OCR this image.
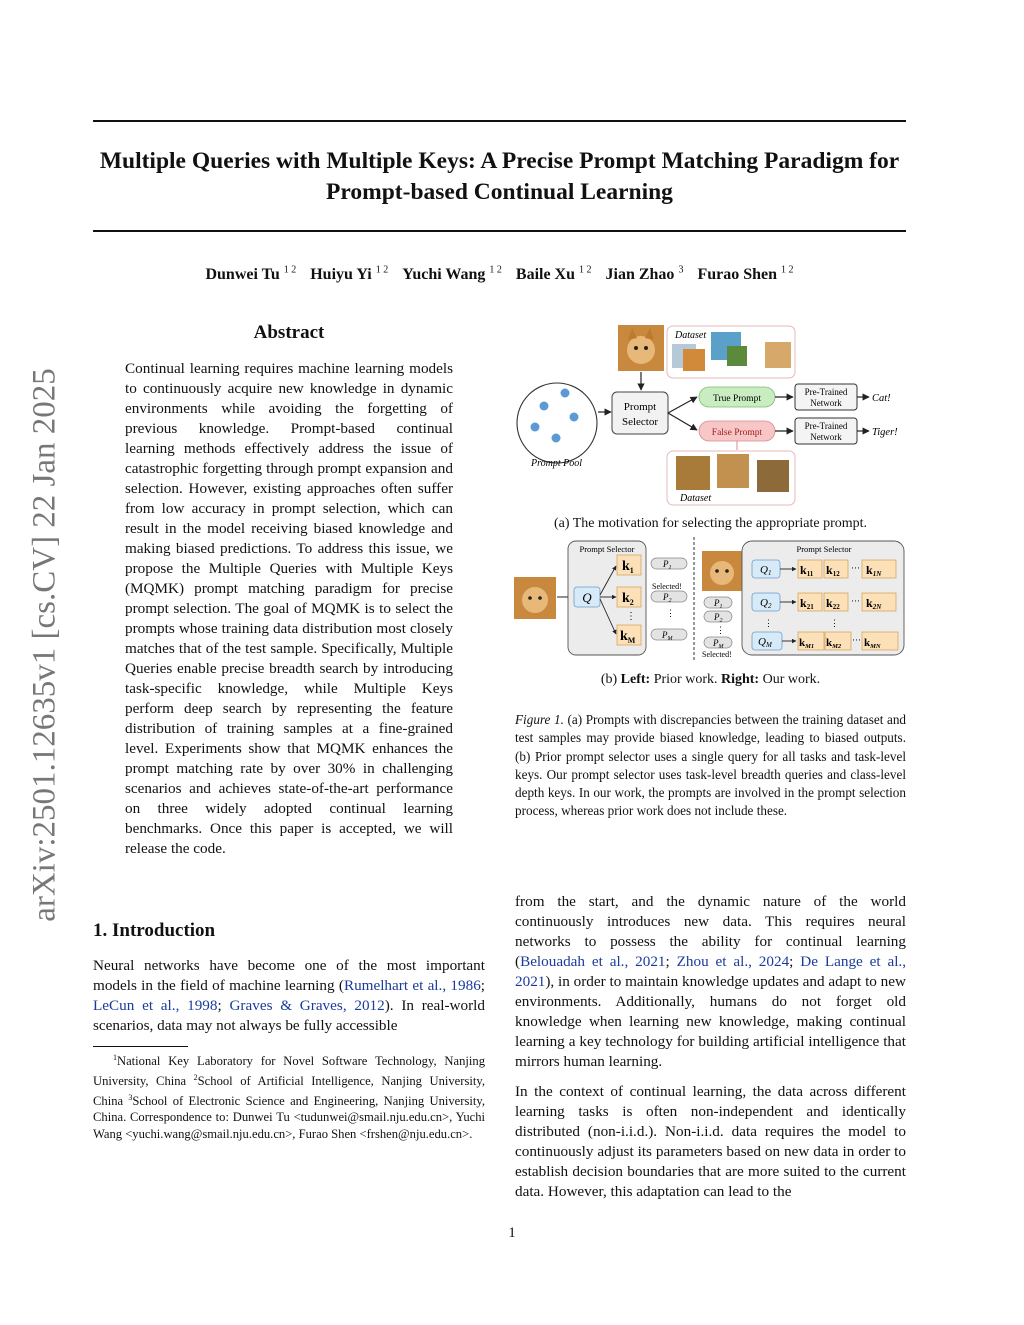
arXiv:2501.12635v1 [cs.CV] 22 Jan 2025
Multiple Queries with Multiple Keys: A Precise Prompt Matching Paradigm for
Prompt-based Continual Learning
Dunwei Tu $^{1 2}$ Huiyu Yi $^{1 2}$ Yuchi Wang $^{1 2}$ Baile Xu $^{1 2}$ Jian Zhao $^3$ Furao Shen $^{1 2}$
Abstract
Continual learning requires machine learning models to continuously acquire new knowledge in dynamic environments while avoiding the forgetting of previous knowledge. Prompt-based continual learning methods effectively address the issue of catastrophic forgetting through prompt expansion and selection. However, existing approaches often suffer from low accuracy in prompt selection, which can result in the model receiving biased knowledge and making biased predictions. To address this issue, we propose the Multiple Queries with Multiple Keys (MQMK) prompt matching paradigm for precise prompt selection. The goal of MQMK is to select the prompts whose training data distribution most closely matches that of the test sample. Specifically, Multiple Queries enable precise breadth search by introducing task-specific knowledge, while Multiple Keys perform deep search by representing the feature distribution of training samples at a fine-grained level. Experiments show that MQMK enhances the prompt matching rate by over 30% in challenging scenarios and achieves state-of-the-art performance on three widely adopted continual learning benchmarks. Once this paper is accepted, we will release the code.
1. Introduction
Neural networks have become one of the most important models in the field of machine learning (Rumelhart et al., 1986; LeCun et al., 1998; Graves & Graves, 2012). In real-world scenarios, data may not always be fully accessible
$^1$National Key Laboratory for Novel Software Technology, Nanjing University, China $^2$School of Artificial Intelligence, Nanjing University, China $^3$School of Electronic Science and Engineering, Nanjing University, China. Correspondence to: Dunwei Tu <tudunwei@smail.nju.edu.cn>, Yuchi Wang <yuchi.wang@smail.nju.edu.cn>, Furao Shen <frshen@nju.edu.cn>.
from the start, and the dynamic nature of the world continuously introduces new data. This requires neural networks to possess the ability for continual learning (Belouadah et al., 2021; Zhou et al., 2024; De Lange et al., 2021), in order to maintain knowledge updates and adapt to new environments. Additionally, humans do not forget old knowledge when learning new knowledge, making continual learning a key technology for building artificial intelligence that mirrors human learning.
In the context of continual learning, the data across different learning tasks is often non-independent and identically distributed (non-i.i.d.). Non-i.i.d. data requires the model to continuously adjust its parameters based on new data in order to establish decision boundaries that are more suited to the current data. However, this adaptation can lead to the
Dataset
Prompt Pool
Prompt
Selector
True Prompt
False Prompt
Pre-Trained
Network
Pre-Trained
Network
Cat!
Tiger!
Dataset
(a) The motivation for selecting the appropriate prompt.
Prompt Selector
Q
$k_1$
$k_2$
⋮
$k_M$
$P_1$
Selected!
$P_2$
⋮
$P_M$
$P_1$
$P_2$
⋮
$P_M$
Selected!
Prompt Selector
Q1 k11 k12
··· k1N
Q2 k21 k22
··· k2N
⋮	⋮
QM kM1 kM2
··· kMN
(b) Left: Prior work. Right: Our work.
Figure 1. (a) Prompts with discrepancies between the training dataset and test samples may provide biased knowledge, leading to biased outputs. (b) Prior prompt selector uses a single query for all tasks and task-level keys. Our prompt selector uses task-level breadth queries and class-level depth keys. In our work, the prompts are involved in the prompt selection process, whereas prior work does not include these.
1
